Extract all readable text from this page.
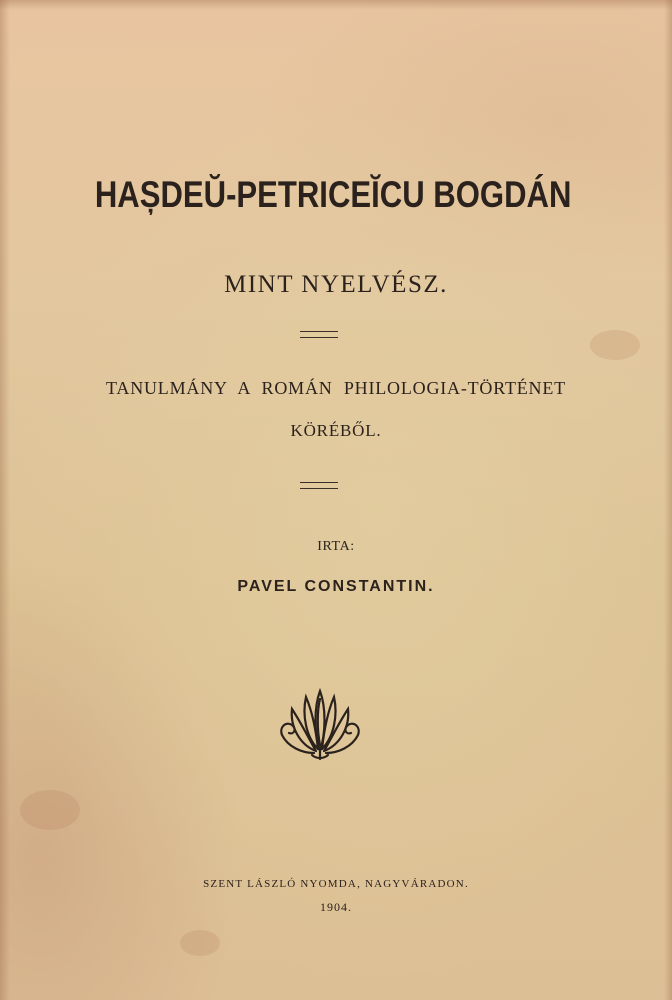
HAȘDEŬ-PETRICEĬCU BOGDÁN
MINT NYELVÉSZ.
TANULMÁNY A ROMÁN PHILOLOGIA-TÖRTÉNET
KÖRÉBŐL.
IRTA:
PAVEL CONSTANTIN.
SZENT LÁSZLÓ NYOMDA, NAGYVÁRADON.
1904.
